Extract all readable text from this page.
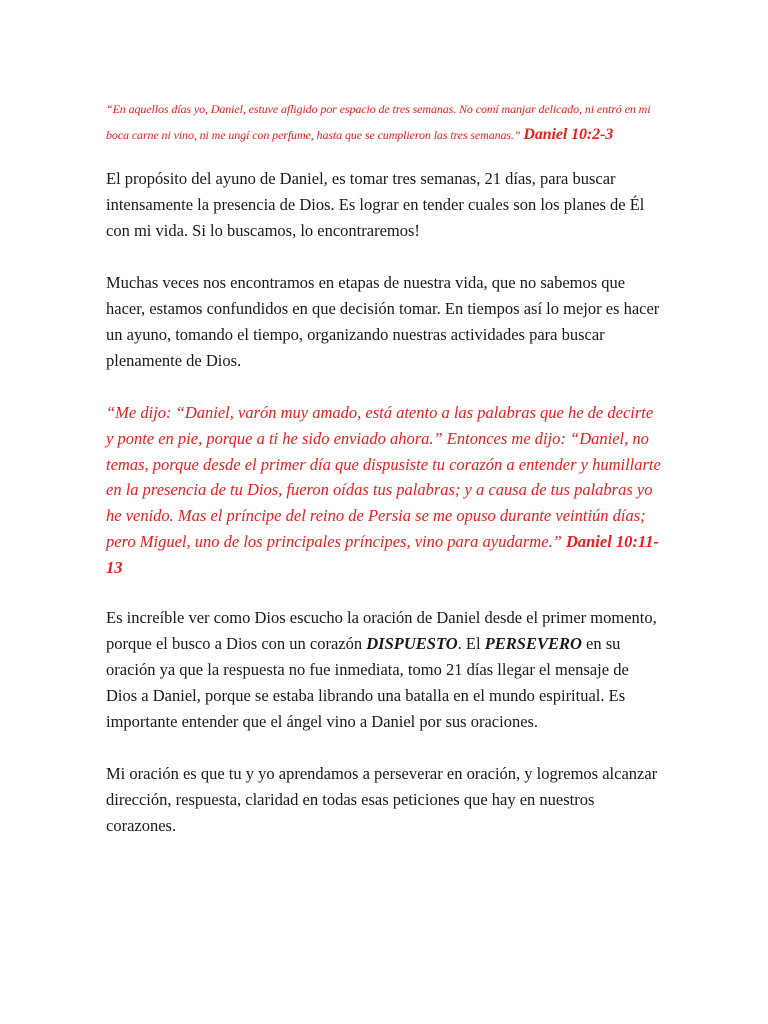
“En aquellos días yo, Daniel, estuve afligido por espacio de tres semanas. No comí manjar delicado, ni entró en mi boca carne ni vino, ni me ungí con perfume, hasta que se cumplieron las tres semanas.” Daniel 10:2-3

El propósito del ayuno de Daniel, es tomar tres semanas, 21 días, para buscar intensamente la presencia de Dios. Es lograr en tender cuales son los planes de Él con mi vida. Si lo buscamos, lo encontraremos!

Muchas veces nos encontramos en etapas de nuestra vida, que no sabemos que hacer, estamos confundidos en que decisión tomar. En tiempos así lo mejor es hacer un ayuno, tomando el tiempo, organizando nuestras actividades para buscar plenamente de Dios.

“Me dijo: “Daniel, varón muy amado, está atento a las palabras que he de decirte y ponte en pie, porque a ti he sido enviado ahora.” Entonces me dijo: “Daniel, no temas, porque desde el primer día que dispusiste tu corazón a entender y humillarte en la presencia de tu Dios, fueron oídas tus palabras; y a causa de tus palabras yo he venido. Mas el príncipe del reino de Persia se me opuso durante veintiún días; pero Miguel, uno de los principales príncipes, vino para ayudarme.” Daniel 10:11-13

Es increíble ver como Dios escucho la oración de Daniel desde el primer momento, porque el busco a Dios con un corazón DISPUESTO. El PERSEVERO en su oración ya que la respuesta no fue inmediata, tomo 21 días llegar el mensaje de Dios a Daniel, porque se estaba librando una batalla en el mundo espiritual. Es importante entender que el ángel vino a Daniel por sus oraciones.

Mi oración es que tu y yo aprendamos a perseverar en oración, y logremos alcanzar dirección, respuesta, claridad en todas esas peticiones que hay en nuestros corazones.
